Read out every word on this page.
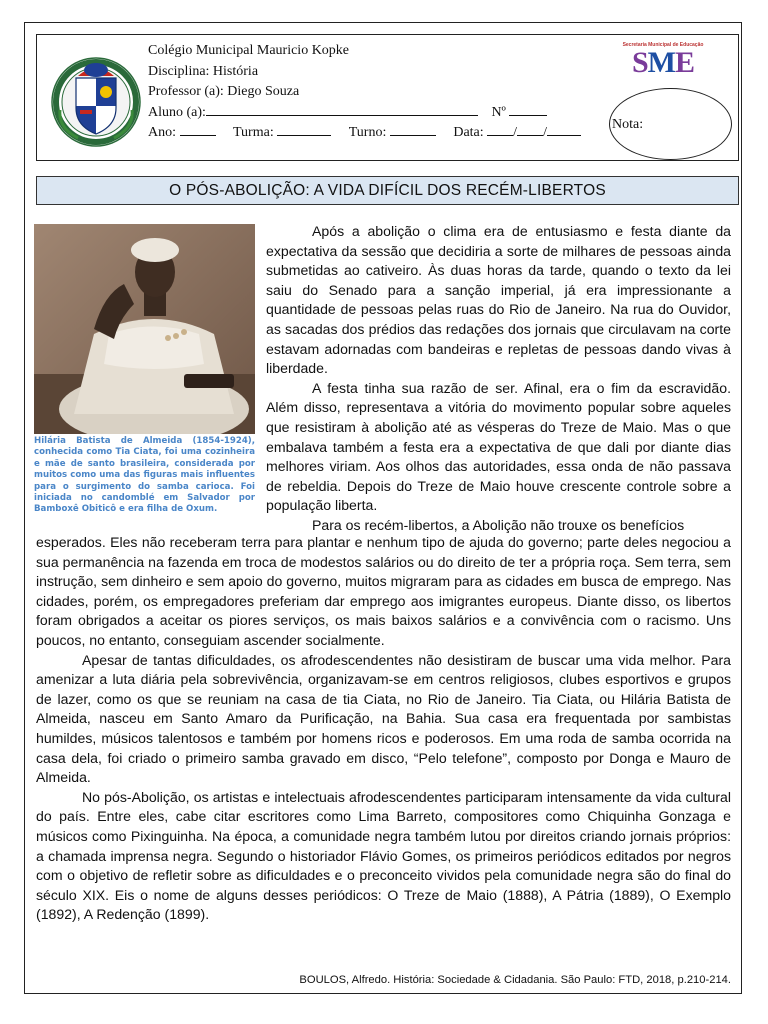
Colégio Municipal Mauricio Kopke
Disciplina: História
Professor (a): Diego Souza
Aluno (a):	Nº
Ano:	Turma:	Turno:	Data: / /
Secretaria Municipal de Educação
SME
Nota:
O PÓS-ABOLIÇÃO: A VIDA DIFÍCIL DOS RECÉM-LIBERTOS
Hilária Batista de Almeida (1854-1924), conhecida como Tia Ciata, foi uma cozinheira e mãe de santo brasileira, considerada por muitos como uma das figuras mais influentes para o surgimento do samba carioca. Foi iniciada no candomblé em Salvador por Bamboxê Obiticô e era filha de Oxum.

Após a abolição o clima era de entusiasmo e festa diante da expectativa da sessão que decidiria a sorte de milhares de pessoas ainda submetidas ao cativeiro. Às duas horas da tarde, quando o texto da lei saiu do Senado para a sanção imperial, já era impressionante a quantidade de pessoas pelas ruas do Rio de Janeiro. Na rua do Ouvidor, as sacadas dos prédios das redações dos jornais que circulavam na corte estavam adornadas com bandeiras e repletas de pessoas dando vivas à liberdade.

A festa tinha sua razão de ser. Afinal, era o fim da escravidão. Além disso, representava a vitória do movimento popular sobre aqueles que resistiram à abolição até as vésperas do Treze de Maio. Mas o que embalava também a festa era a expectativa de que dali por diante dias melhores viriam. Aos olhos das autoridades, essa onda de não passava de rebeldia. Depois do Treze de Maio houve crescente controle sobre a população liberta.

Para os recém-libertos, a Abolição não trouxe os benefícios

esperados. Eles não receberam terra para plantar e nenhum tipo de ajuda do governo; parte deles negociou a sua permanência na fazenda em troca de modestos salários ou do direito de ter a própria roça. Sem terra, sem instrução, sem dinheiro e sem apoio do governo, muitos migraram para as cidades em busca de emprego. Nas cidades, porém, os empregadores preferiam dar emprego aos imigrantes europeus. Diante disso, os libertos foram obrigados a aceitar os piores serviços, os mais baixos salários e a convivência com o racismo. Uns poucos, no entanto, conseguiam ascender socialmente.

Apesar de tantas dificuldades, os afrodescendentes não desistiram de buscar uma vida melhor. Para amenizar a luta diária pela sobrevivência, organizavam-se em centros religiosos, clubes esportivos e grupos de lazer, como os que se reuniam na casa de tia Ciata, no Rio de Janeiro. Tia Ciata, ou Hilária Batista de Almeida, nasceu em Santo Amaro da Purificação, na Bahia. Sua casa era frequentada por sambistas humildes, músicos talentosos e também por homens ricos e poderosos. Em uma roda de samba ocorrida na casa dela, foi criado o primeiro samba gravado em disco, “Pelo telefone”, composto por Donga e Mauro de Almeida.

No pós-Abolição, os artistas e intelectuais afrodescendentes participaram intensamente da vida cultural do país. Entre eles, cabe citar escritores como Lima Barreto, compositores como Chiquinha Gonzaga e músicos como Pixinguinha. Na época, a comunidade negra também lutou por direitos criando jornais próprios: a chamada imprensa negra. Segundo o historiador Flávio Gomes, os primeiros periódicos editados por negros com o objetivo de refletir sobre as dificuldades e o preconceito vividos pela comunidade negra são do final do século XIX. Eis o nome de alguns desses periódicos: O Treze de Maio (1888), A Pátria (1889), O Exemplo (1892), A Redenção (1899).

BOULOS, Alfredo. História: Sociedade & Cidadania. São Paulo: FTD, 2018, p.210-214.
